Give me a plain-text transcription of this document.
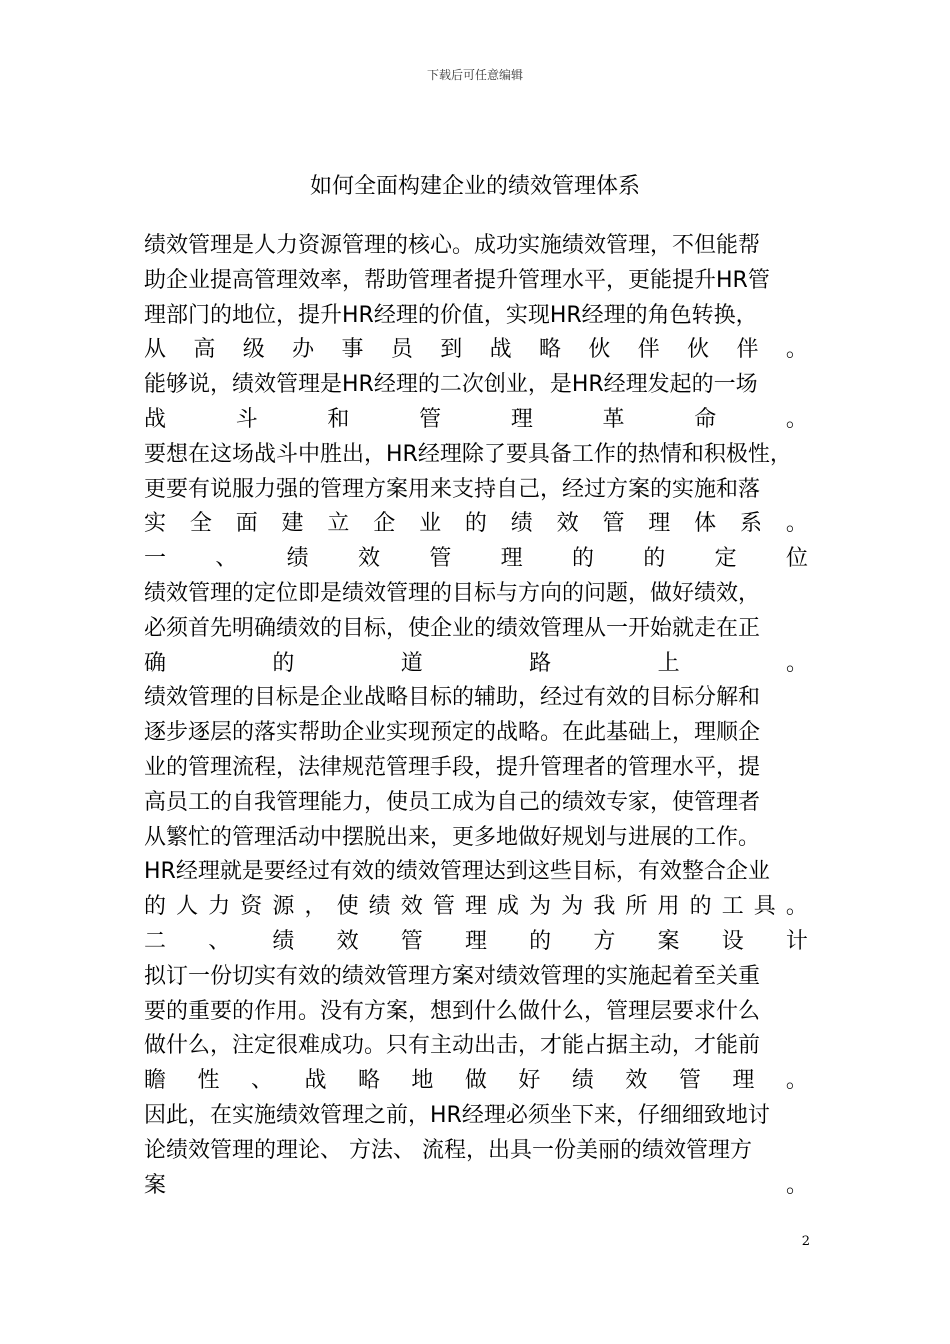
下载后可任意编辑
如何全面构建企业的绩效管理体系
绩效管理是人力资源管理的核心。成功实施绩效管理，不但能帮
助企业提高管理效率，帮助管理者提升管理水平，更能提升HR管
理部门的地位，提升HR经理的价值，实现HR经理的角色转换，
从 高 级 办 事 员 到 战 略 伙 伴 伙 伴 。
能够说，绩效管理是HR经理的二次创业，是HR经理发起的一场
战	斗	和	管	理	革	命	。
要想在这场战斗中胜出，HR经理除了要具备工作的热情和积极性，
更要有说服力强的管理方案用来支持自己，经过方案的实施和落
实 全 面 建 立 企 业 的 绩 效 管 理 体 系 。
一 、 绩 效 管 理 的 的 定 位
绩效管理的定位即是绩效管理的目标与方向的问题，做好绩效，
必须首先明确绩效的目标，使企业的绩效管理从一开始就走在正
确	的	道	路	上	。
绩效管理的目标是企业战略目标的辅助，经过有效的目标分解和
逐步逐层的落实帮助企业实现预定的战略。在此基础上，理顺企
业的管理流程，法律规范管理手段，提升管理者的管理水平，提
高员工的自我管理能力，使员工成为自己的绩效专家，使管理者
从繁忙的管理活动中摆脱出来，更多地做好规划与进展的工作。
HR经理就是要经过有效的绩效管理达到这些目标，有效整合企业
的 人 力 资 源 ， 使 绩 效 管 理 成 为 为 我 所 用 的 工 具 。
二 、 绩 效 管 理 的 方 案 设 计
拟订一份切实有效的绩效管理方案对绩效管理的实施起着至关重
要的重要的作用。没有方案，想到什么做什么，管理层要求什么
做什么，注定很难成功。只有主动出击，才能占据主动，才能前
瞻 性 、 战 略 地 做 好 绩 效 管 理 。
因此，在实施绩效管理之前，HR经理必须坐下来，仔细细致地讨
论绩效管理的理论、 方法、 流程，出具一份美丽的绩效管理方
案	。
2
